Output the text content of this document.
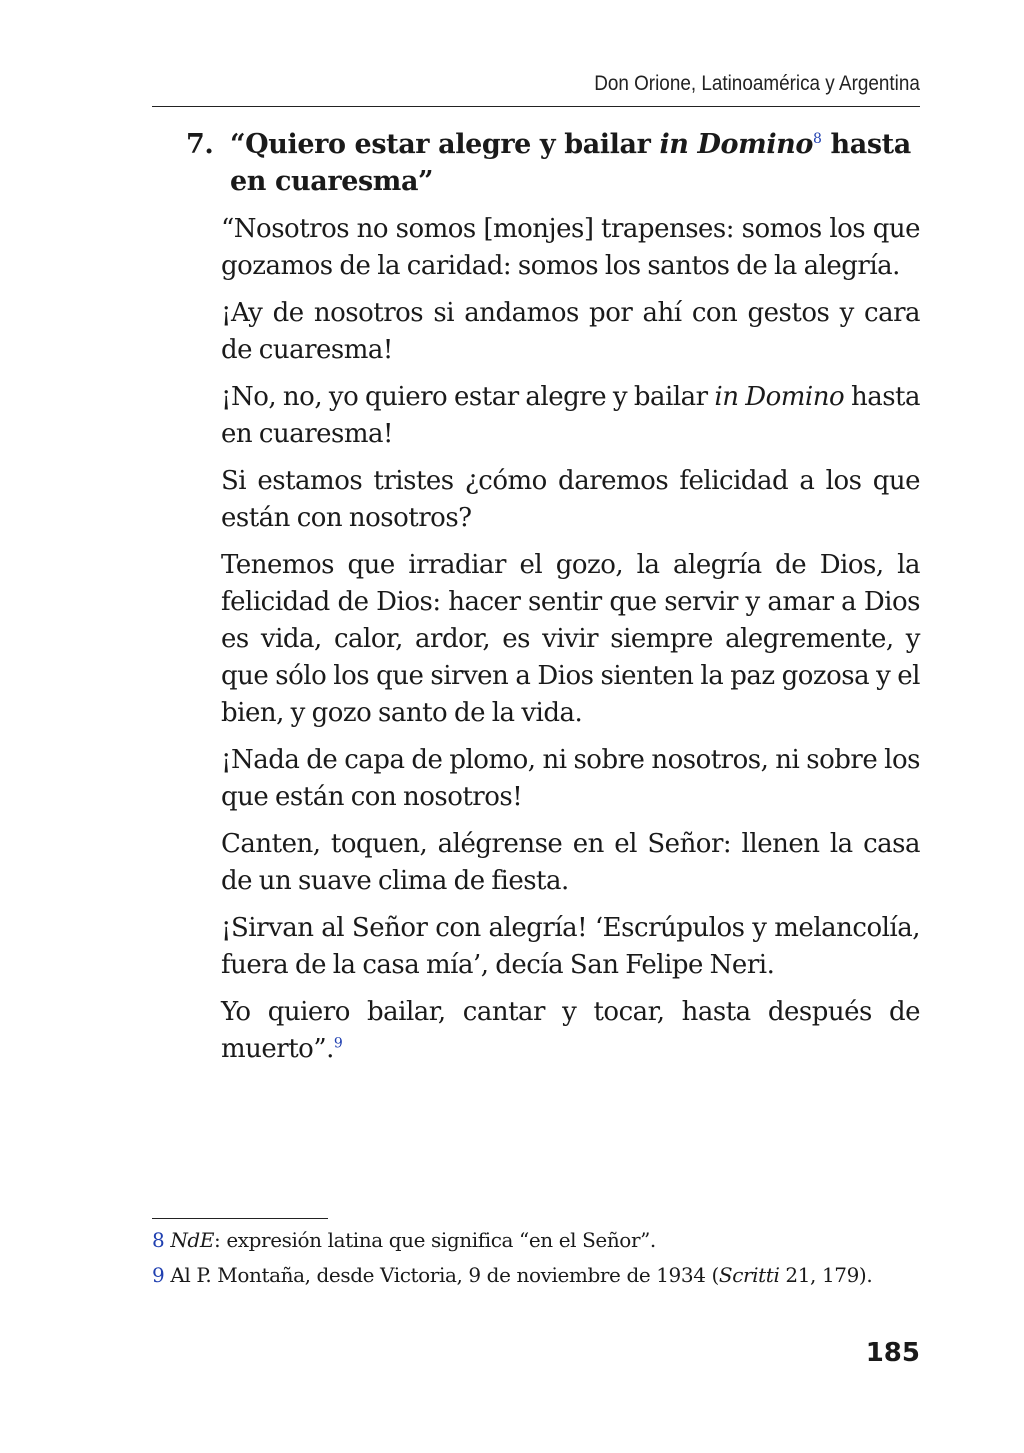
Don Orione, Latinoamérica y Argentina
7. “Quiero estar alegre y bailar in Domino$^8$ hasta en cuaresma”

“Nosotros no somos [monjes] trapenses: somos los que gozamos de la caridad: somos los santos de la alegría.

¡Ay de nosotros si andamos por ahí con gestos y cara de cuaresma!

¡No, no, yo quiero estar alegre y bailar in Domino hasta en cuaresma!

Si estamos tristes ¿cómo daremos felicidad a los que están con nosotros?

Tenemos que irradiar el gozo, la alegría de Dios, la felicidad de Dios: hacer sentir que servir y amar a Dios es vida, calor, ardor, es vivir siempre alegremente, y que sólo los que sirven a Dios sienten la paz gozosa y el bien, y gozo santo de la vida.

¡Nada de capa de plomo, ni sobre nosotros, ni sobre los que están con nosotros!

Canten, toquen, alégrense en el Señor: llenen la casa de un suave clima de fiesta.

¡Sirvan al Señor con alegría! ‘Escrúpulos y melancolía, fuera de la casa mía’, decía San Felipe Neri.

Yo quiero bailar, cantar y tocar, hasta después de muerto”.$^9$

8 NdE: expresión latina que significa “en el Señor”.

9 Al P. Montaña, desde Victoria, 9 de noviembre de 1934 (Scritti 21, 179).

185
